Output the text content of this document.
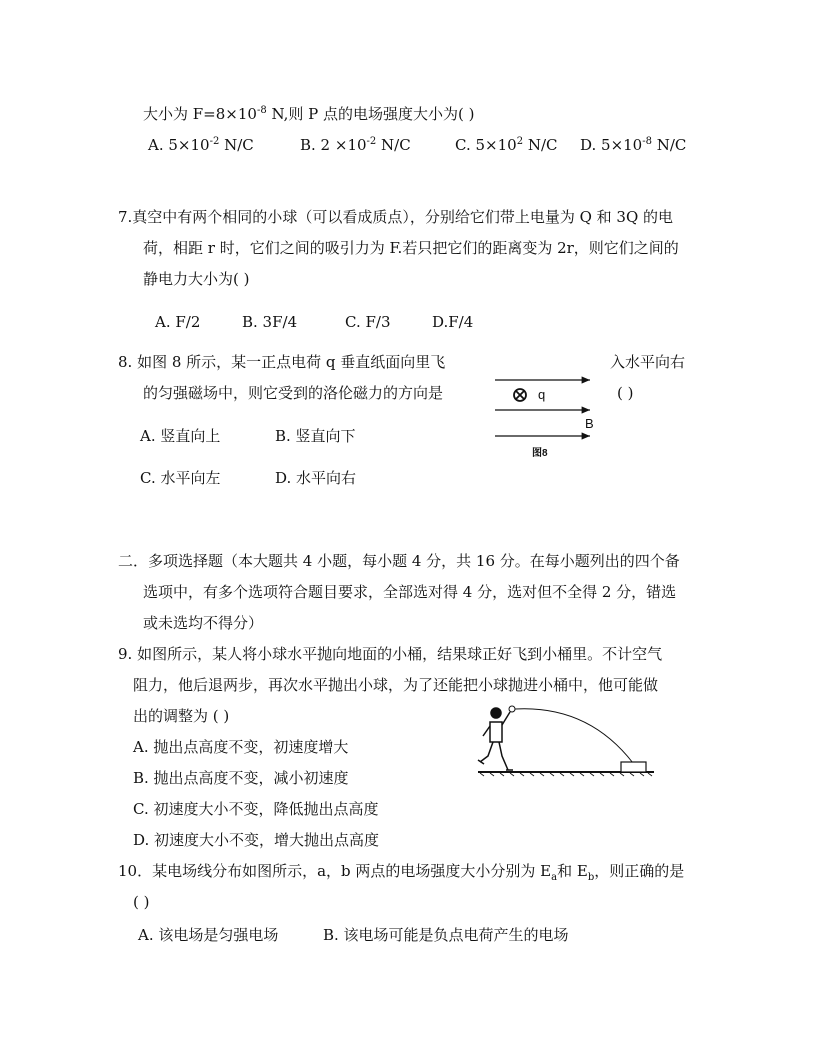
大小为 $F=8\times 10^{-8}$ N,则 P 点的电场强度大小为( )
A. $5\times 10^{-2}$ N/C	B. $2 \times 10^{-2}$ N/C	C. $5\times 10^2$ N/C D. $5\times 10^{-8}$ N/C
7.真空中有两个相同的小球（可以看成质点），分别给它们带上电量为 Q 和 3Q 的电
荷，相距 r 时，它们之间的吸引力为 F.若只把它们的距离变为 2r，则它们之间的
静电力大小为( )
A. F/2	B. 3F/4	C. F/3	D.F/4
8. 如图 8 所示，某一正点电荷 q 垂直纸面向里飞	入水平向右
的匀强磁场中，则它受到的洛伦磁力的方向是	( )
A. 竖直向上	B. 竖直向下
C. 水平向左	D. 水平向右
q
B
图8
二．多项选择题（本大题共 4 小题，每小题 4 分，共 16 分。在每小题列出的四个备
选项中，有多个选项符合题目要求，全部选对得 4 分，选对但不全得 2 分，错选
或未选均不得分）
9. 如图所示，某人将小球水平抛向地面的小桶，结果球正好飞到小桶里。不计空气
阻力，他后退两步，再次水平抛出小球，为了还能把小球抛进小桶中，他可能做
出的调整为 ( )
A. 抛出点高度不变，初速度增大
B. 抛出点高度不变，减小初速度
C. 初速度大小不变，降低抛出点高度
D. 初速度大小不变，增大抛出点高度
10．某电场线分布如图所示，a，b 两点的电场强度大小分别为 $E_a$和 $E_b$，则正确的是
( )
A. 该电场是匀强电场	B. 该电场可能是负点电荷产生的电场
